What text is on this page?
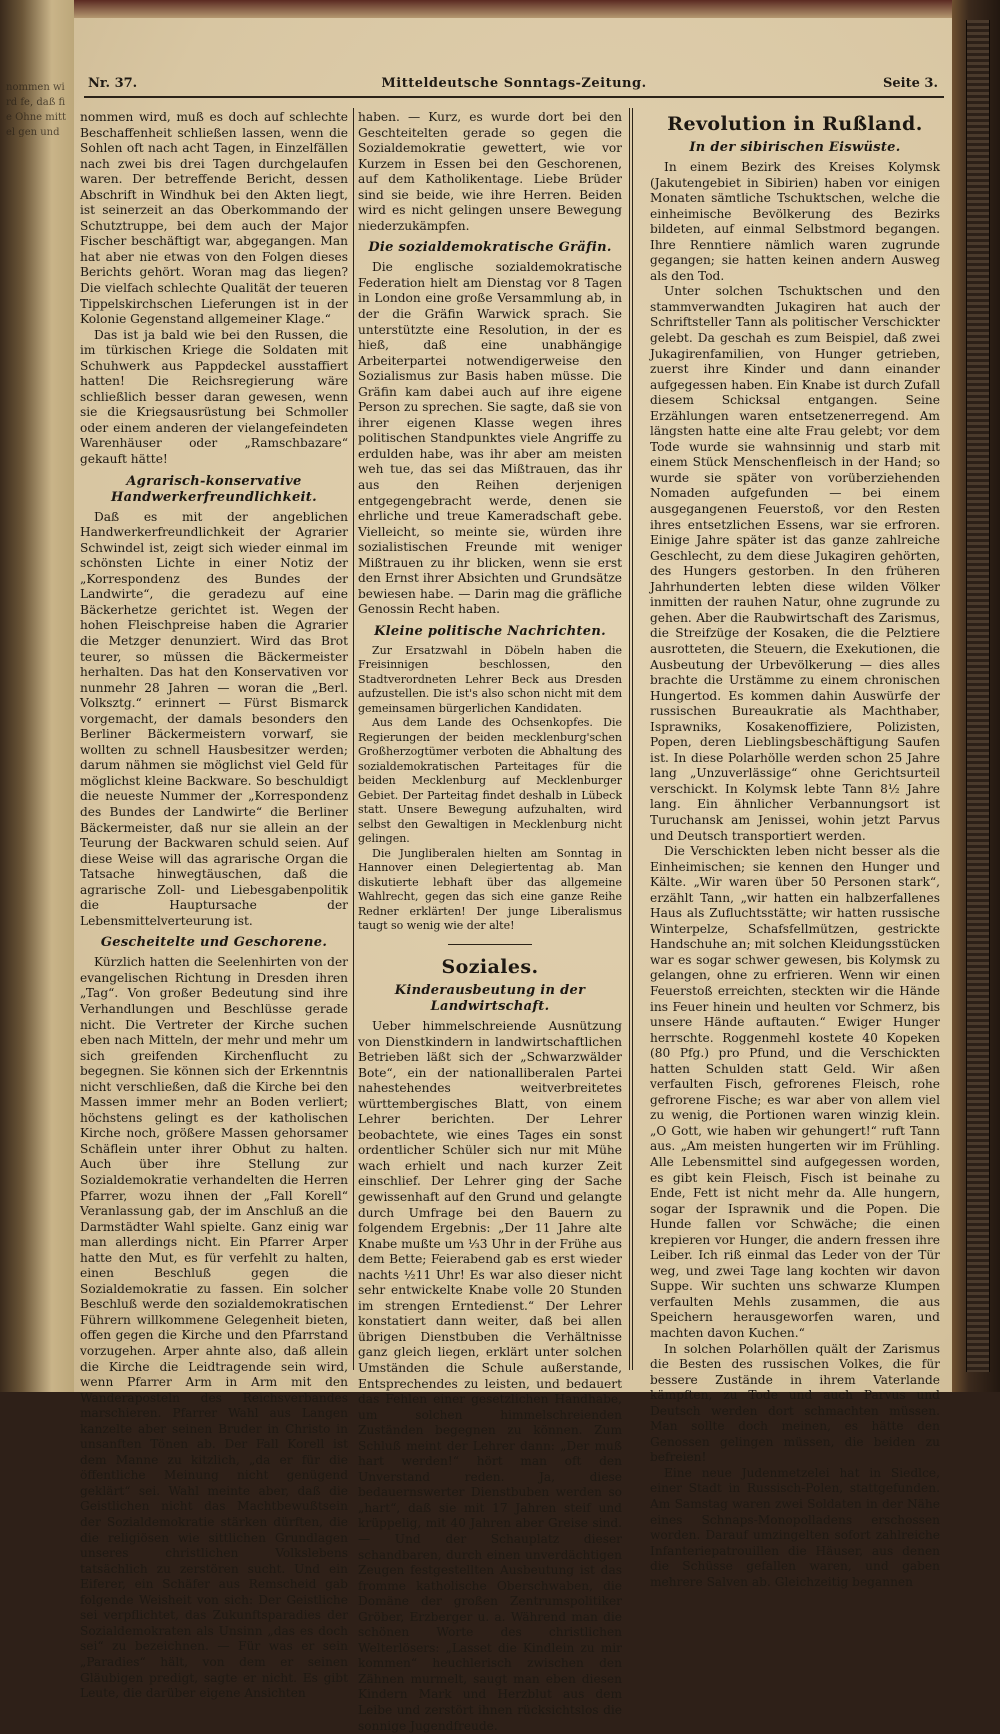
nommen wird fe, daß fie Ohne mittel gen und
Nr. 37.	Mitteldeutsche Sonntags-Zeitung.	Seite 3.

nommen wird, muß es doch auf schlechte Beschaffenheit schließen lassen, wenn die Sohlen oft nach acht Tagen, in Einzelfällen nach zwei bis drei Tagen durchgelaufen waren. Der betreffende Bericht, dessen Abschrift in Windhuk bei den Akten liegt, ist seinerzeit an das Oberkommando der Schutztruppe, bei dem auch der Major Fischer beschäftigt war, abgegangen. Man hat aber nie etwas von den Folgen dieses Berichts gehört. Woran mag das liegen? Die vielfach schlechte Qualität der teueren Tippelskirchschen Lieferungen ist in der Kolonie Gegenstand allgemeiner Klage.“

Das ist ja bald wie bei den Russen, die im türkischen Kriege die Soldaten mit Schuhwerk aus Pappdeckel ausstaffiert hatten! Die Reichsregierung wäre schließlich besser daran gewesen, wenn sie die Kriegsausrüstung bei Schmoller oder einem anderen der vielangefeindeten Warenhäuser oder „Ramschbazare“ gekauft hätte!

Agrarisch-konservative Handwerkerfreundlichkeit.

Daß es mit der angeblichen Handwerkerfreundlichkeit der Agrarier Schwindel ist, zeigt sich wieder einmal im schönsten Lichte in einer Notiz der „Korrespondenz des Bundes der Landwirte“, die geradezu auf eine Bäckerhetze gerichtet ist. Wegen der hohen Fleischpreise haben die Agrarier die Metzger denunziert. Wird das Brot teurer, so müssen die Bäckermeister herhalten. Das hat den Konservativen vor nunmehr 28 Jahren — woran die „Berl. Volksztg.“ erinnert — Fürst Bismarck vorgemacht, der damals besonders den Berliner Bäckermeistern vorwarf, sie wollten zu schnell Hausbesitzer werden; darum nähmen sie möglichst viel Geld für möglichst kleine Backware. So beschuldigt die neueste Nummer der „Korrespondenz des Bundes der Landwirte“ die Berliner Bäckermeister, daß nur sie allein an der Teurung der Backwaren schuld seien. Auf diese Weise will das agrarische Organ die Tatsache hinwegtäuschen, daß die agrarische Zoll- und Liebesgabenpolitik die Hauptursache der Lebensmittelverteurung ist.

Gescheitelte und Geschorene.

Kürzlich hatten die Seelenhirten von der evangelischen Richtung in Dresden ihren „Tag“. Von großer Bedeutung sind ihre Verhandlungen und Beschlüsse gerade nicht. Die Vertreter der Kirche suchen eben nach Mitteln, der mehr und mehr um sich greifenden Kirchenflucht zu begegnen. Sie können sich der Erkenntnis nicht verschließen, daß die Kirche bei den Massen immer mehr an Boden verliert; höchstens gelingt es der katholischen Kirche noch, größere Massen gehorsamer Schäflein unter ihrer Obhut zu halten. Auch über ihre Stellung zur Sozialdemokratie verhandelten die Herren Pfarrer, wozu ihnen der „Fall Korell“ Veranlassung gab, der im Anschluß an die Darmstädter Wahl spielte. Ganz einig war man allerdings nicht. Ein Pfarrer Arper hatte den Mut, es für verfehlt zu halten, einen Beschluß gegen die Sozialdemokratie zu fassen. Ein solcher Beschluß werde den sozialdemokratischen Führern willkommene Gelegenheit bieten, offen gegen die Kirche und den Pfarrstand vorzugehen. Arper ahnte also, daß allein die Kirche die Leidtragende sein wird, wenn Pfarrer Arm in Arm mit den Wanderaposteln des Reichsverbandes marschieren. Pfarrer Wahl aus Langen kanzelte aber seinen Bruder in Christo in unsanften Tönen ab. Der Fall Korell ist dem Manne zu kitzlich, „da er für die öffentliche Meinung nicht genügend geklärt“ sei. Wahl meinte aber, daß die Geistlichen nicht das Machtbewußtsein der Sozialdemokratie stärken dürften, die die religiösen wie sittlichen Grundlagen unseres christlichen Volkslebens tatsächlich zu zerstören sucht. Und ein Eiferer, ein Schäfer aus Remscheid gab folgende Weisheit von sich: Der Geistliche sei verpflichtet, das Zukunftsparadies der Sozialdemokraten als Unsinn „das es doch sei“ zu bezeichnen. — Für was er sein „Paradies“ hält, von dem er seinen Gläubigen predigt, sagte er nicht. Es gibt Leute, die darüber eigene Ansichten

haben. — Kurz, es wurde dort bei den Geschteitelten gerade so gegen die Sozialdemokratie gewettert, wie vor Kurzem in Essen bei den Geschorenen, auf dem Katholikentage. Liebe Brüder sind sie beide, wie ihre Herren. Beiden wird es nicht gelingen unsere Bewegung niederzukämpfen.

Die sozialdemokratische Gräfin.

Die englische sozialdemokratische Federation hielt am Dienstag vor 8 Tagen in London eine große Versammlung ab, in der die Gräfin Warwick sprach. Sie unterstützte eine Resolution, in der es hieß, daß eine unabhängige Arbeiterpartei notwendigerweise den Sozialismus zur Basis haben müsse. Die Gräfin kam dabei auch auf ihre eigene Person zu sprechen. Sie sagte, daß sie von ihrer eigenen Klasse wegen ihres politischen Standpunktes viele Angriffe zu erdulden habe, was ihr aber am meisten weh tue, das sei das Mißtrauen, das ihr aus den Reihen derjenigen entgegengebracht werde, denen sie ehrliche und treue Kameradschaft gebe. Vielleicht, so meinte sie, würden ihre sozialistischen Freunde mit weniger Mißtrauen zu ihr blicken, wenn sie erst den Ernst ihrer Absichten und Grundsätze bewiesen habe. — Darin mag die gräfliche Genossin Recht haben.

Kleine politische Nachrichten.

Zur Ersatzwahl in Döbeln haben die Freisinnigen beschlossen, den Stadtverordneten Lehrer Beck aus Dresden aufzustellen. Die ist's also schon nicht mit dem gemeinsamen bürgerlichen Kandidaten.

Aus dem Lande des Ochsenkopfes. Die Regierungen der beiden mecklenburg'schen Großherzogtümer verboten die Abhaltung des sozialdemokratischen Parteitages für die beiden Mecklenburg auf Mecklenburger Gebiet. Der Parteitag findet deshalb in Lübeck statt. Unsere Bewegung aufzuhalten, wird selbst den Gewaltigen in Mecklenburg nicht gelingen.

Die Jungliberalen hielten am Sonntag in Hannover einen Delegiertentag ab. Man diskutierte lebhaft über das allgemeine Wahlrecht, gegen das sich eine ganze Reihe Redner erklärten! Der junge Liberalismus taugt so wenig wie der alte!

Soziales.
Kinderausbeutung in der Landwirtschaft.

Ueber himmelschreiende Ausnützung von Dienstkindern in landwirtschaftlichen Betrieben läßt sich der „Schwarzwälder Bote“, ein der nationalliberalen Partei nahestehendes weitverbreitetes württembergisches Blatt, von einem Lehrer berichten. Der Lehrer beobachtete, wie eines Tages ein sonst ordentlicher Schüler sich nur mit Mühe wach erhielt und nach kurzer Zeit einschlief. Der Lehrer ging der Sache gewissenhaft auf den Grund und gelangte durch Umfrage bei den Bauern zu folgendem Ergebnis: „Der 11 Jahre alte Knabe mußte um ⅓3 Uhr in der Frühe aus dem Bette; Feierabend gab es erst wieder nachts ½11 Uhr! Es war also dieser nicht sehr entwickelte Knabe volle 20 Stunden im strengen Erntedienst.“ Der Lehrer konstatiert dann weiter, daß bei allen übrigen Dienstbuben die Verhältnisse ganz gleich liegen, erklärt unter solchen Umständen die Schule außerstande, Entsprechendes zu leisten, und bedauert das Fehlen einer gesetzlichen Handhabe, um solchen himmelschreienden Zuständen begegnen zu können. Zum Schluß meint der Lehrer dann: „Der muß hart werden!“ hört man oft den Unverstand reden. Ja, diese bedauernswerter Dienstbuben werden so „hart“, daß sie mit 17 Jahren steif und krüppelig, mit 40 Jahren aber Greise sind. — Und der Schauplatz dieser schandbaren, durch einen unverdächtigen Zeugen festgestellten Ausbeutung ist das fromme katholische Oberschwaben, die Domäne der großen Zentrumspolitiker Gröber, Erzberger u. a. Während man die schönen Worte des christlichen Welterlösers: „Lasset die Kindlein zu mir kommen“ heuchlerisch zwischen den Zähnen murmelt, saugt man eben diesen Kindern Mark und Herzblut aus dem Leibe und zerstört ihnen rücksichtslos die sonnige Jugendfreude.

Revolution in Rußland.
In der sibirischen Eiswüste.

In einem Bezirk des Kreises Kolymsk (Jakutengebiet in Sibirien) haben vor einigen Monaten sämtliche Tschuktschen, welche die einheimische Bevölkerung des Bezirks bildeten, auf einmal Selbstmord begangen. Ihre Renntiere nämlich waren zugrunde gegangen; sie hatten keinen andern Ausweg als den Tod.

Unter solchen Tschuktschen und den stammverwandten Jukagiren hat auch der Schriftsteller Tann als politischer Verschickter gelebt. Da geschah es zum Beispiel, daß zwei Jukagirenfamilien, von Hunger getrieben, zuerst ihre Kinder und dann einander aufgegessen haben. Ein Knabe ist durch Zufall diesem Schicksal entgangen. Seine Erzählungen waren entsetzenerregend. Am längsten hatte eine alte Frau gelebt; vor dem Tode wurde sie wahnsinnig und starb mit einem Stück Menschenfleisch in der Hand; so wurde sie später von vorüberziehenden Nomaden aufgefunden — bei einem ausgegangenen Feuerstoß, vor den Resten ihres entsetzlichen Essens, war sie erfroren. Einige Jahre später ist das ganze zahlreiche Geschlecht, zu dem diese Jukagiren gehörten, des Hungers gestorben. In den früheren Jahrhunderten lebten diese wilden Völker inmitten der rauhen Natur, ohne zugrunde zu gehen. Aber die Raubwirtschaft des Zarismus, die Streifzüge der Kosaken, die die Pelztiere ausrotteten, die Steuern, die Exekutionen, die Ausbeutung der Urbevölkerung — dies alles brachte die Urstämme zu einem chronischen Hungertod. Es kommen dahin Auswürfe der russischen Bureaukratie als Machthaber, Isprawniks, Kosakenoffiziere, Polizisten, Popen, deren Lieblingsbeschäftigung Saufen ist. In diese Polarhölle werden schon 25 Jahre lang „Unzuverlässige“ ohne Gerichtsurteil verschickt. In Kolymsk lebte Tann 8½ Jahre lang. Ein ähnlicher Verbannungsort ist Turuchansk am Jenissei, wohin jetzt Parvus und Deutsch transportiert werden.

Die Verschickten leben nicht besser als die Einheimischen; sie kennen den Hunger und Kälte. „Wir waren über 50 Personen stark“, erzählt Tann, „wir hatten ein halbzerfallenes Haus als Zufluchtsstätte; wir hatten russische Winterpelze, Schafsfellmützen, gestrickte Handschuhe an; mit solchen Kleidungsstücken war es sogar schwer gewesen, bis Kolymsk zu gelangen, ohne zu erfrieren. Wenn wir einen Feuerstoß erreichten, steckten wir die Hände ins Feuer hinein und heulten vor Schmerz, bis unsere Hände auftauten.“ Ewiger Hunger herrschte. Roggenmehl kostete 40 Kopeken (80 Pfg.) pro Pfund, und die Verschickten hatten Schulden statt Geld. Wir aßen verfaulten Fisch, gefrorenes Fleisch, rohe gefrorene Fische; es war aber von allem viel zu wenig, die Portionen waren winzig klein. „O Gott, wie haben wir gehungert!“ ruft Tann aus. „Am meisten hungerten wir im Frühling. Alle Lebensmittel sind aufgegessen worden, es gibt kein Fleisch, Fisch ist beinahe zu Ende, Fett ist nicht mehr da. Alle hungern, sogar der Isprawnik und die Popen. Die Hunde fallen vor Schwäche; die einen krepieren vor Hunger, die andern fressen ihre Leiber. Ich riß einmal das Leder von der Tür weg, und zwei Tage lang kochten wir davon Suppe. Wir suchten uns schwarze Klumpen verfaulten Mehls zusammen, die aus Speichern herausgeworfen waren, und machten davon Kuchen.“

In solchen Polarhöllen quält der Zarismus die Besten des russischen Volkes, die für bessere Zustände in ihrem Vaterlande kämpften, zu Tode und auch Parvus und Deutsch werden dort schmachten müssen. Man sollte doch meinen, es hätte den Genossen gelingen müssen, die beiden zu befreien!

Eine neue Judenmetzelei hat in Siedlce, einer Stadt in Russisch-Polen, stattgefunden. Am Samstag waren zwei Soldaten in der Nähe eines Schnaps-Monopolladens erschossen worden. Darauf umzingelten sofort zahlreiche Infanteriepatrouillen die Häuser, aus denen die Schüsse gefallen waren, und gaben mehrere Salven ab. Gleichzeitig begannen
